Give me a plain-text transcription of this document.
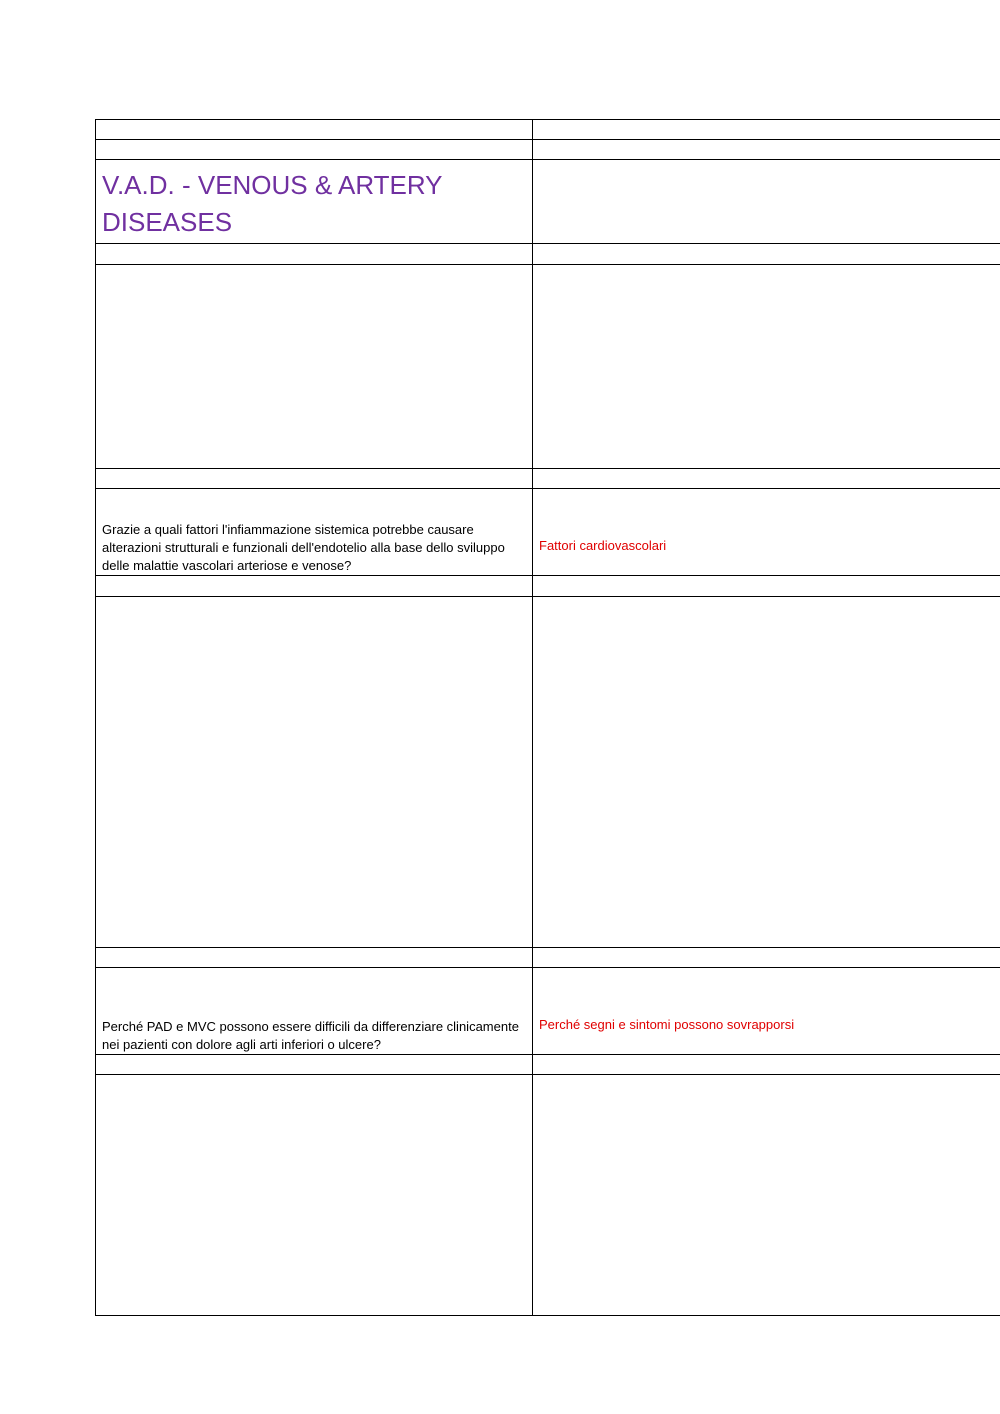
V.A.D. - VENOUS & ARTERY DISEASES	

Grazie a quali fattori l'infiammazione sistemica potrebbe causare alterazioni strutturali e funzionali dell'endotelio alla base dello sviluppo delle malattie vascolari arteriose e venose?	Fattori cardiovascolari

Perché PAD e MVC possono essere difficili da differenziare clinicamente nei pazienti con dolore agli arti inferiori o ulcere?	Perché segni e sintomi possono sovrapporsi
